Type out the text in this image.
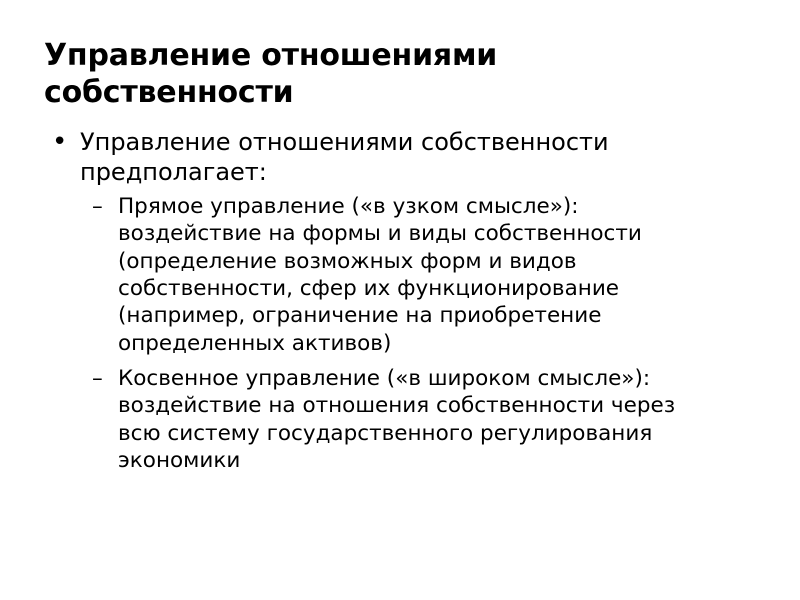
Управление отношениями собственности
• Управление отношениями собственности предполагает:
– Прямое управление («в узком смысле»): воздействие на формы и виды собственности (определение возможных форм и видов собственности, сфер их функционирование (например, ограничение на приобретение определенных активов)
– Косвенное управление («в широком смысле»): воздействие на отношения собственности через всю систему государственного регулирования экономики
